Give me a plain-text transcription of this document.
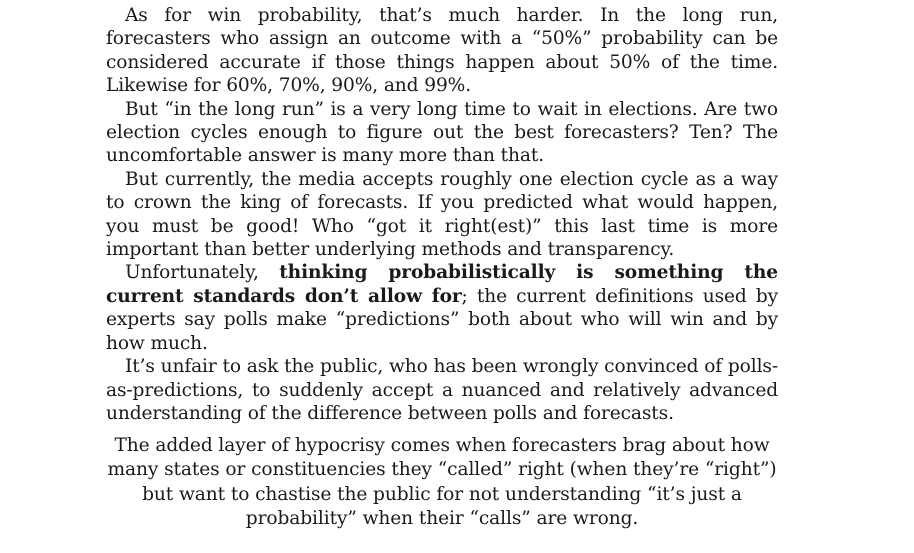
As for win probability, that’s much harder. In the long run, forecasters who assign an outcome with a “50%” probability can be considered accurate if those things happen about 50% of the time. Likewise for 60%, 70%, 90%, and 99%.

But “in the long run” is a very long time to wait in elections. Are two election cycles enough to figure out the best forecasters? Ten? The uncomfortable answer is many more than that.

But currently, the media accepts roughly one election cycle as a way to crown the king of forecasts. If you predicted what would happen, you must be good! Who “got it right(est)” this last time is more important than better underlying methods and transparency.

Unfortunately, thinking probabilistically is something the current standards don’t allow for; the current definitions used by experts say polls make “predictions” both about who will win and by how much.

It’s unfair to ask the public, who has been wrongly convinced of polls-as-predictions, to suddenly accept a nuanced and relatively advanced understanding of the difference between polls and forecasts.

The added layer of hypocrisy comes when forecasters brag about how many states or constituencies they “called” right (when they’re “right”) but want to chastise the public for not understanding “it’s just a probability” when their “calls” are wrong.
